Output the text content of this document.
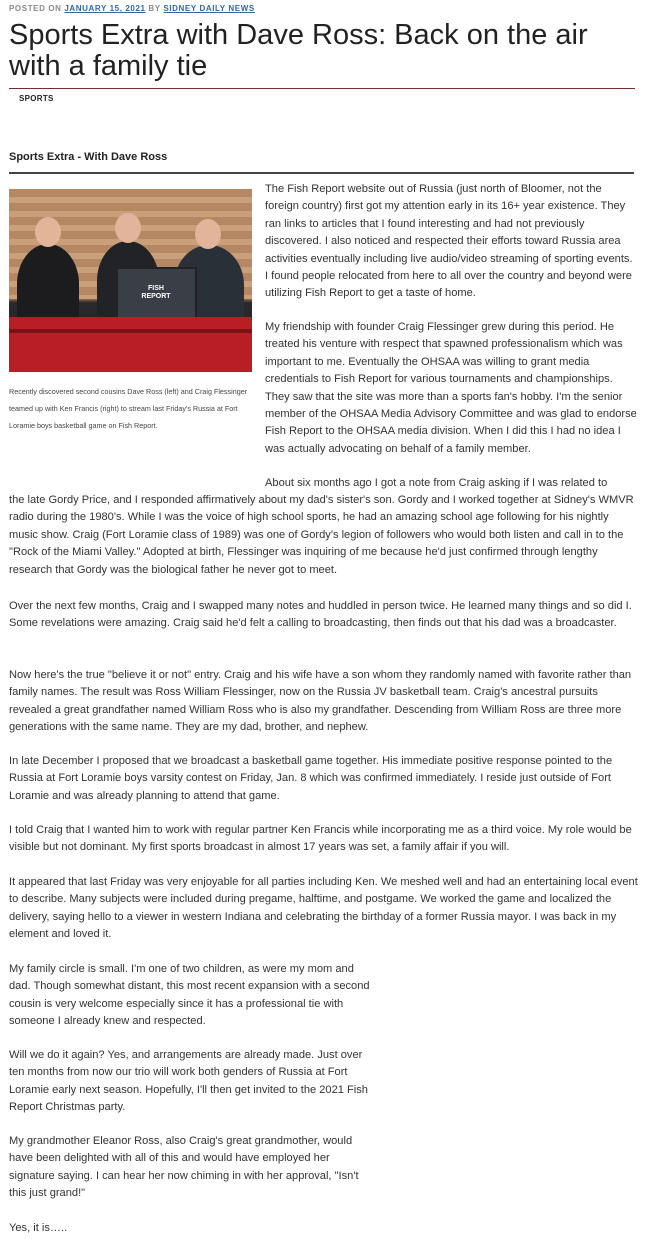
POSTED ON JANUARY 15, 2021 BY SIDNEY DAILY NEWS
Sports Extra with Dave Ross: Back on the air with a family tie
SPORTS
Sports Extra - With Dave Ross
FISH REPORT
Recently discovered second cousins Dave Ross (left) and Craig Flessinger teamed up with Ken Francis (right) to stream last Friday's Russia at Fort Loramie boys basketball game on Fish Report.

The Fish Report website out of Russia (just north of Bloomer, not the foreign country) first got my attention early in its 16+ year existence. They ran links to articles that I found interesting and had not previously discovered. I also noticed and respected their efforts toward Russia area activities eventually including live audio/video streaming of sporting events. I found people relocated from here to all over the country and beyond were utilizing Fish Report to get a taste of home.

My friendship with founder Craig Flessinger grew during this period. He treated his venture with respect that spawned professionalism which was important to me. Eventually the OHSAA was willing to grant media credentials to Fish Report for various tournaments and championships. They saw that the site was more than a sports fan's hobby. I'm the senior member of the OHSAA Media Advisory Committee and was glad to endorse Fish Report to the OHSAA media division. When I did this I had no idea I was actually advocating on behalf of a family member.

About six months ago I got a note from Craig asking if I was related to

the late Gordy Price, and I responded affirmatively about my dad's sister's son. Gordy and I worked together at Sidney's WMVR radio during the 1980's. While I was the voice of high school sports, he had an amazing school age following for his nightly music show. Craig (Fort Loramie class of 1989) was one of Gordy's legion of followers who would both listen and call in to the "Rock of the Miami Valley." Adopted at birth, Flessinger was inquiring of me because he'd just confirmed through lengthy research that Gordy was the biological father he never got to meet.

Over the next few months, Craig and I swapped many notes and huddled in person twice. He learned many things and so did I. Some revelations were amazing. Craig said he'd felt a calling to broadcasting, then finds out that his dad was a broadcaster.

Now here's the true "believe it or not" entry. Craig and his wife have a son whom they randomly named with favorite rather than family names. The result was Ross William Flessinger, now on the Russia JV basketball team. Craig's ancestral pursuits revealed a great grandfather named William Ross who is also my grandfather. Descending from William Ross are three more generations with the same name. They are my dad, brother, and nephew.

In late December I proposed that we broadcast a basketball game together. His immediate positive response pointed to the Russia at Fort Loramie boys varsity contest on Friday, Jan. 8 which was confirmed immediately. I reside just outside of Fort Loramie and was already planning to attend that game.

I told Craig that I wanted him to work with regular partner Ken Francis while incorporating me as a third voice. My role would be visible but not dominant. My first sports broadcast in almost 17 years was set, a family affair if you will.

It appeared that last Friday was very enjoyable for all parties including Ken. We meshed well and had an entertaining local event to describe. Many subjects were included during pregame, halftime, and postgame. We worked the game and localized the delivery, saying hello to a viewer in western Indiana and celebrating the birthday of a former Russia mayor. I was back in my element and loved it.

My family circle is small. I'm one of two children, as were my mom and dad. Though somewhat distant, this most recent expansion with a second cousin is very welcome especially since it has a professional tie with someone I already knew and respected.

Will we do it again? Yes, and arrangements are already made. Just over ten months from now our trio will work both genders of Russia at Fort Loramie early next season. Hopefully, I'll then get invited to the 2021 Fish Report Christmas party.

My grandmother Eleanor Ross, also Craig's great grandmother, would have been delighted with all of this and would have employed her signature saying. I can hear her now chiming in with her approval, "Isn't this just grand!"

Yes, it is…..
